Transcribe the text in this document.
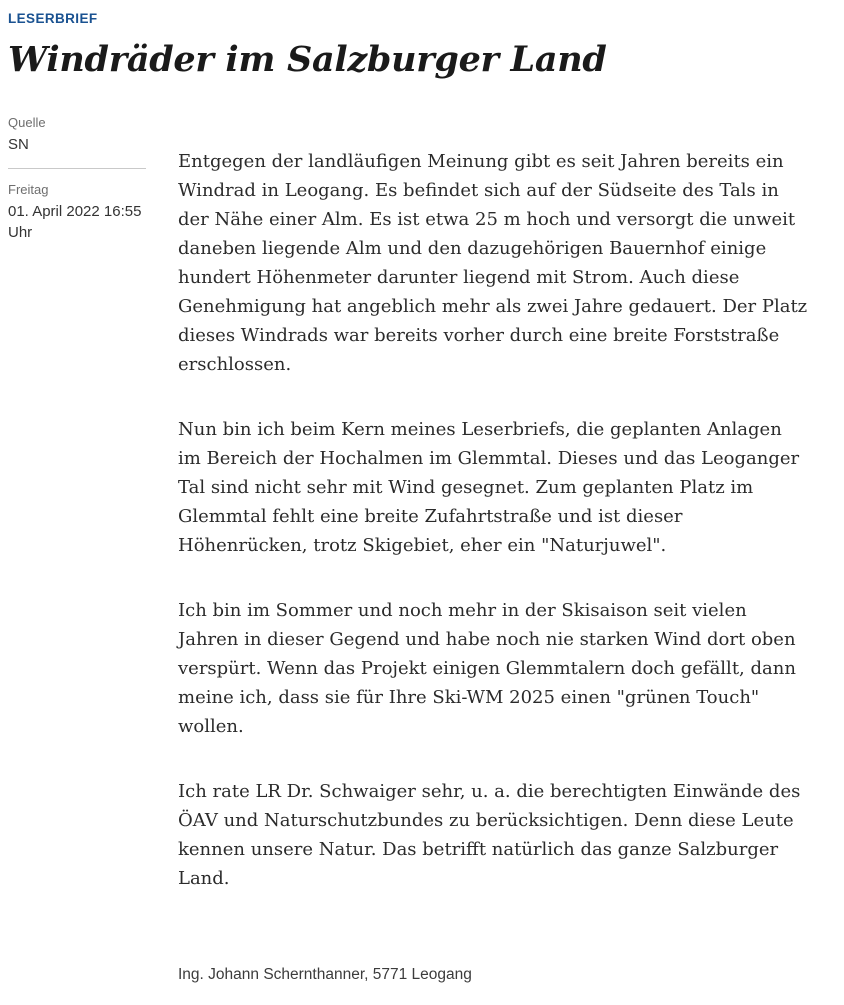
LESERBRIEF
Windräder im Salzburger Land
Quelle
SN
Freitag
01. April 2022 16:55 Uhr

Entgegen der landläufigen Meinung gibt es seit Jahren bereits ein Windrad in Leogang. Es befindet sich auf der Südseite des Tals in der Nähe einer Alm. Es ist etwa 25 m hoch und versorgt die unweit daneben liegende Alm und den dazugehörigen Bauernhof einige hundert Höhenmeter darunter liegend mit Strom. Auch diese Genehmigung hat angeblich mehr als zwei Jahre gedauert. Der Platz dieses Windrads war bereits vorher durch eine breite Forststraße erschlossen.

Nun bin ich beim Kern meines Leserbriefs, die geplanten Anlagen im Bereich der Hochalmen im Glemmtal. Dieses und das Leoganger Tal sind nicht sehr mit Wind gesegnet. Zum geplanten Platz im Glemmtal fehlt eine breite Zufahrtstraße und ist dieser Höhenrücken, trotz Skigebiet, eher ein "Naturjuwel".

Ich bin im Sommer und noch mehr in der Skisaison seit vielen Jahren in dieser Gegend und habe noch nie starken Wind dort oben verspürt. Wenn das Projekt einigen Glemmtalern doch gefällt, dann meine ich, dass sie für Ihre Ski-WM 2025 einen "grünen Touch" wollen.

Ich rate LR Dr. Schwaiger sehr, u. a. die berechtigten Einwände des ÖAV und Naturschutzbundes zu berücksichtigen. Denn diese Leute kennen unsere Natur. Das betrifft natürlich das ganze Salzburger Land.

Ing. Johann Schernthanner, 5771 Leogang
